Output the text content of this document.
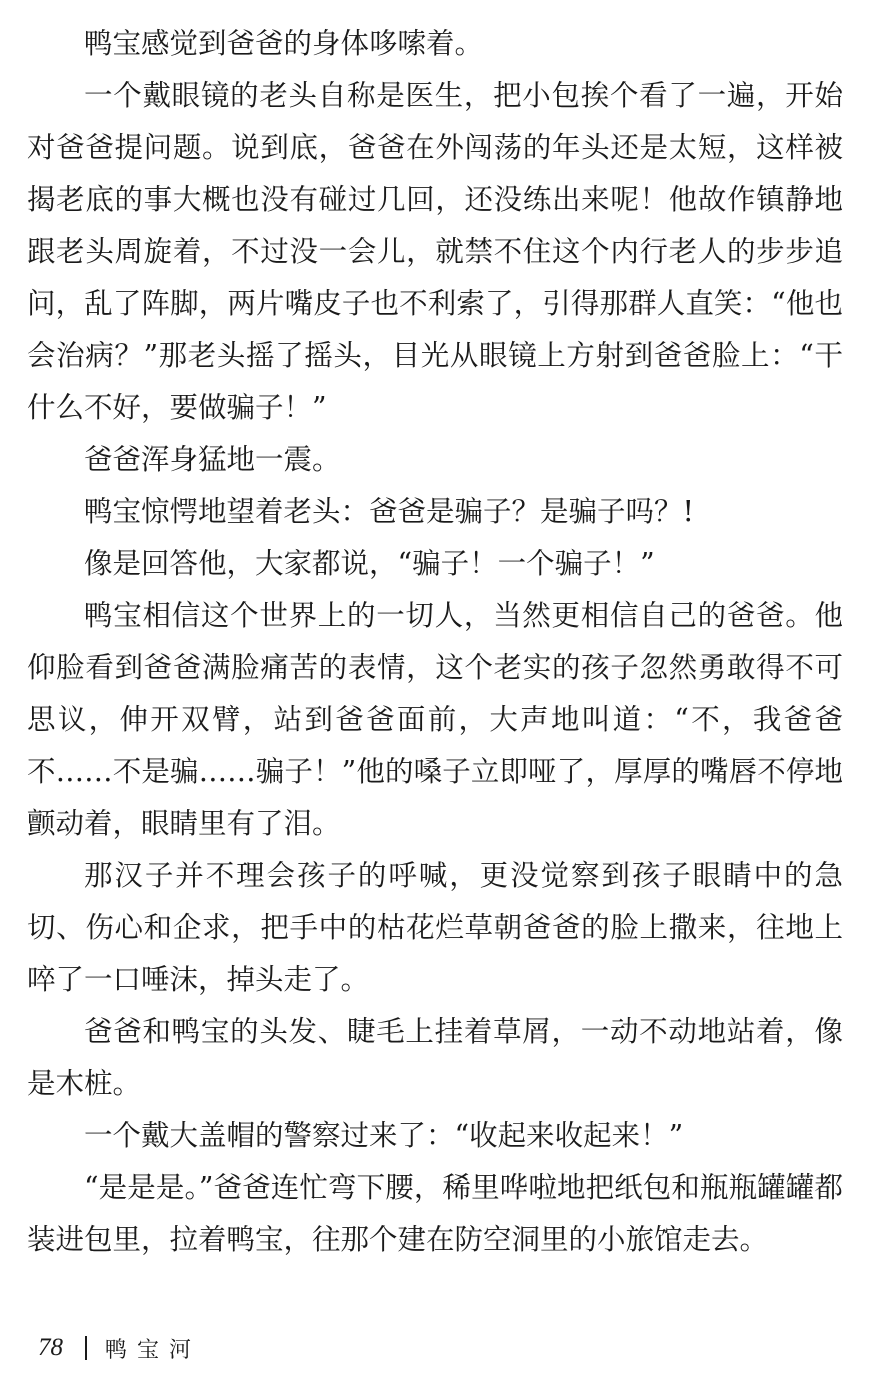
鸭宝感觉到爸爸的身体哆嗦着。

一个戴眼镜的老头自称是医生，把小包挨个看了一遍，开始对爸爸提问题。说到底，爸爸在外闯荡的年头还是太短，这样被揭老底的事大概也没有碰过几回，还没练出来呢！他故作镇静地跟老头周旋着，不过没一会儿，就禁不住这个内行老人的步步追问，乱了阵脚，两片嘴皮子也不利索了，引得那群人直笑：“他也会治病？”那老头摇了摇头，目光从眼镜上方射到爸爸脸上：“干什么不好，要做骗子！”

爸爸浑身猛地一震。

鸭宝惊愕地望着老头：爸爸是骗子？是骗子吗？!

像是回答他，大家都说，“骗子！一个骗子！”

鸭宝相信这个世界上的一切人，当然更相信自己的爸爸。他仰脸看到爸爸满脸痛苦的表情，这个老实的孩子忽然勇敢得不可思议，伸开双臂，站到爸爸面前，大声地叫道：“不，我爸爸不……不是骗……骗子！”他的嗓子立即哑了，厚厚的嘴唇不停地颤动着，眼睛里有了泪。

那汉子并不理会孩子的呼喊，更没觉察到孩子眼睛中的急切、伤心和企求，把手中的枯花烂草朝爸爸的脸上撒来，往地上啐了一口唾沫，掉头走了。

爸爸和鸭宝的头发、睫毛上挂着草屑，一动不动地站着，像是木桩。

一个戴大盖帽的警察过来了：“收起来收起来！”

“是是是。”爸爸连忙弯下腰，稀里哗啦地把纸包和瓶瓶罐罐都装进包里，拉着鸭宝，往那个建在防空洞里的小旅馆走去。

78 鸭宝河
